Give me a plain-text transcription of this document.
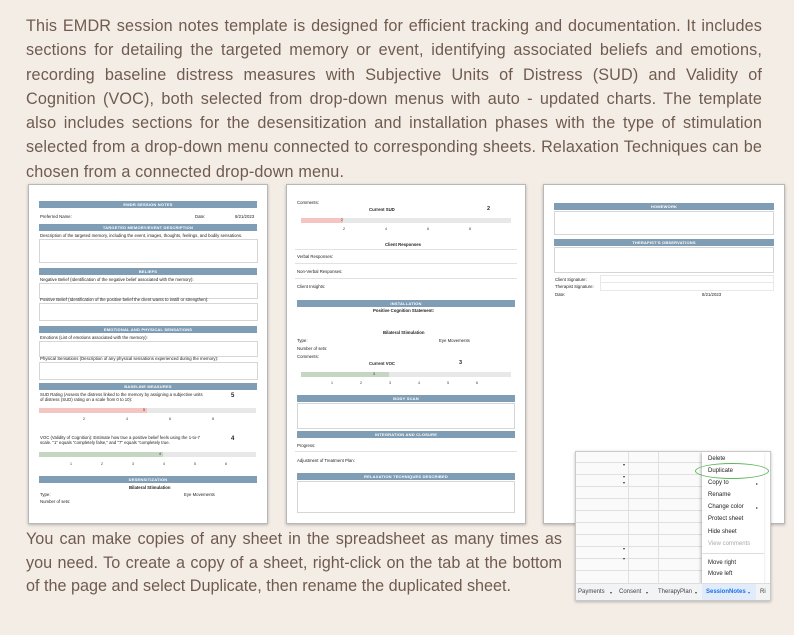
This EMDR session notes template is designed for efficient tracking and documentation. It includes sections for detailing the targeted memory or event, identifying associated beliefs and emotions, recording baseline distress measures with Subjective Units of Distress (SUD) and Validity of Cognition (VOC), both selected from drop-down menus with auto - updated charts. The template also includes sections for the desensitization and installation phases with the type of stimulation selected from a drop-down menu connected to corresponding sheets. Relaxation Techniques can be chosen from a connected drop-down menu.

EMDR SESSION NOTES
Preferred Name:	Date:	8/21/2023
TARGETED MEMORY/EVENT DESCRIPTION
Description of the targeted memory, including the event, images, thoughts, feelings, and bodily sensations.
BELIEFS
Negative Belief (Identification of the negative belief associated with the memory):
Positive Belief (Identification of the positive belief the client wants to instill or strengthen):
EMOTIONAL AND PHYSICAL SENSATIONS
Emotions (List of emotions associated with the memory):
Physical Sensations (Description of any physical sensations experienced during the memory):
BASELINE MEASURES
SUD Rating (Assess the distress linked to the memory by assigning a subjective units
of distress (SUD) rating on a scale from 0 to 10):
5
5
2	4	6	8
VOC (Validity of Cognition): Estimate how true a positive belief feels using the 1-to-7
scale. "1" equals "completely false," and "7" equals "completely true.
4
4
1	2	3	4	5	6
DESENSITIZATION
Bilateral Stimulation
Type:	Eye Movements
Number of sets:
Comments:
Current SUD	2
2
2	4	6	8
Client Responses
Verbal Responses:
Non-Verbal Responses:
Client Insights:
INSTALLATION
Positive Cognition Statement:
Bilateral Stimulation
Type:	Eye Movements
Number of sets:
Comments:
Current VOC	3
3
1	2	3	4	5	6
BODY SCAN
INTEGRATION AND CLOSURE
Progress:
Adjustment of Treatment Plan:
RELAXATION TECHNIQUES DESCRIBED
HOMEWORK
THERAPIST'S OBSERVATIONS
Client Signature:
Therapist Signature:
Date:	8/21/2023
▾
▾
▾
▾
▾
Delete
Duplicate
Copy to	▸
Rename
Change color	▸
Protect sheet
Hide sheet
View comments
Move right
Move left
Payments ▾ Consent ▾ TherapyPlan ▾ SessionNotes ▾ Ri

You can make copies of any sheet in the spreadsheet as many times as you need. To create a copy of a sheet, right-click on the tab at the bottom of the page and select Duplicate, then rename the duplicated sheet.
